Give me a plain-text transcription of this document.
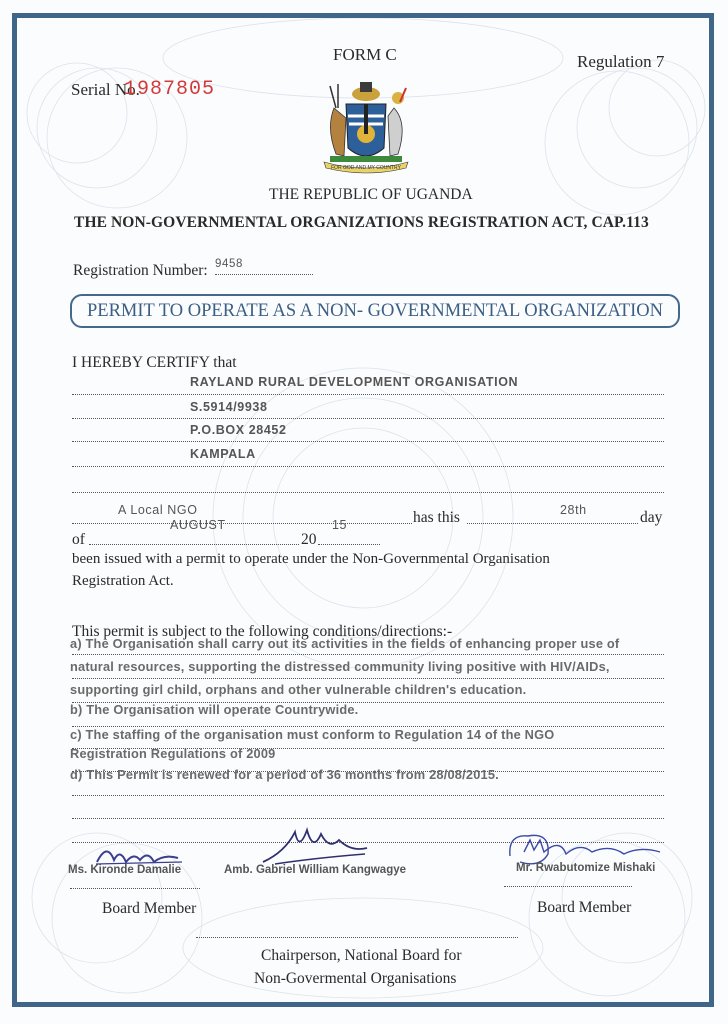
FORM C	Regulation 7
Serial No.
1987805
FOR GOD AND MY COUNTRY
THE REPUBLIC OF UGANDA
THE NON-GOVERNMENTAL ORGANIZATIONS REGISTRATION ACT, CAP.113
Registration Number: 9458
PERMIT TO OPERATE AS A NON- GOVERNMENTAL ORGANIZATION
I HEREBY CERTIFY that
RAYLAND RURAL DEVELOPMENT ORGANISATION
S.5914/9938
P.O.BOX 28452
KAMPALA
A Local NGO	has this	28th	day
of
AUGUST
20
15
been issued with a permit to operate under the Non-Governmental Organisation
Registration Act.
This permit is subject to the following conditions/directions:-
a) The Organisation shall carry out its activities in the fields of enhancing proper use of
natural resources, supporting the distressed community living positive with HIV/AIDs,
supporting girl child, orphans and other vulnerable children's education.
b) The Organisation will operate Countrywide.
c) The staffing of the organisation must conform to Regulation 14 of the NGO
Registration Regulations of 2009
d) This Permit is renewed for a period of 36 months from 28/08/2015.
Ms. Kironde Damalie
Board Member
Amb. Gabriel William Kangwagye	Mr. Rwabutomize Mishaki
Board Member
Chairperson, National Board for
Non-Govermental Organisations
